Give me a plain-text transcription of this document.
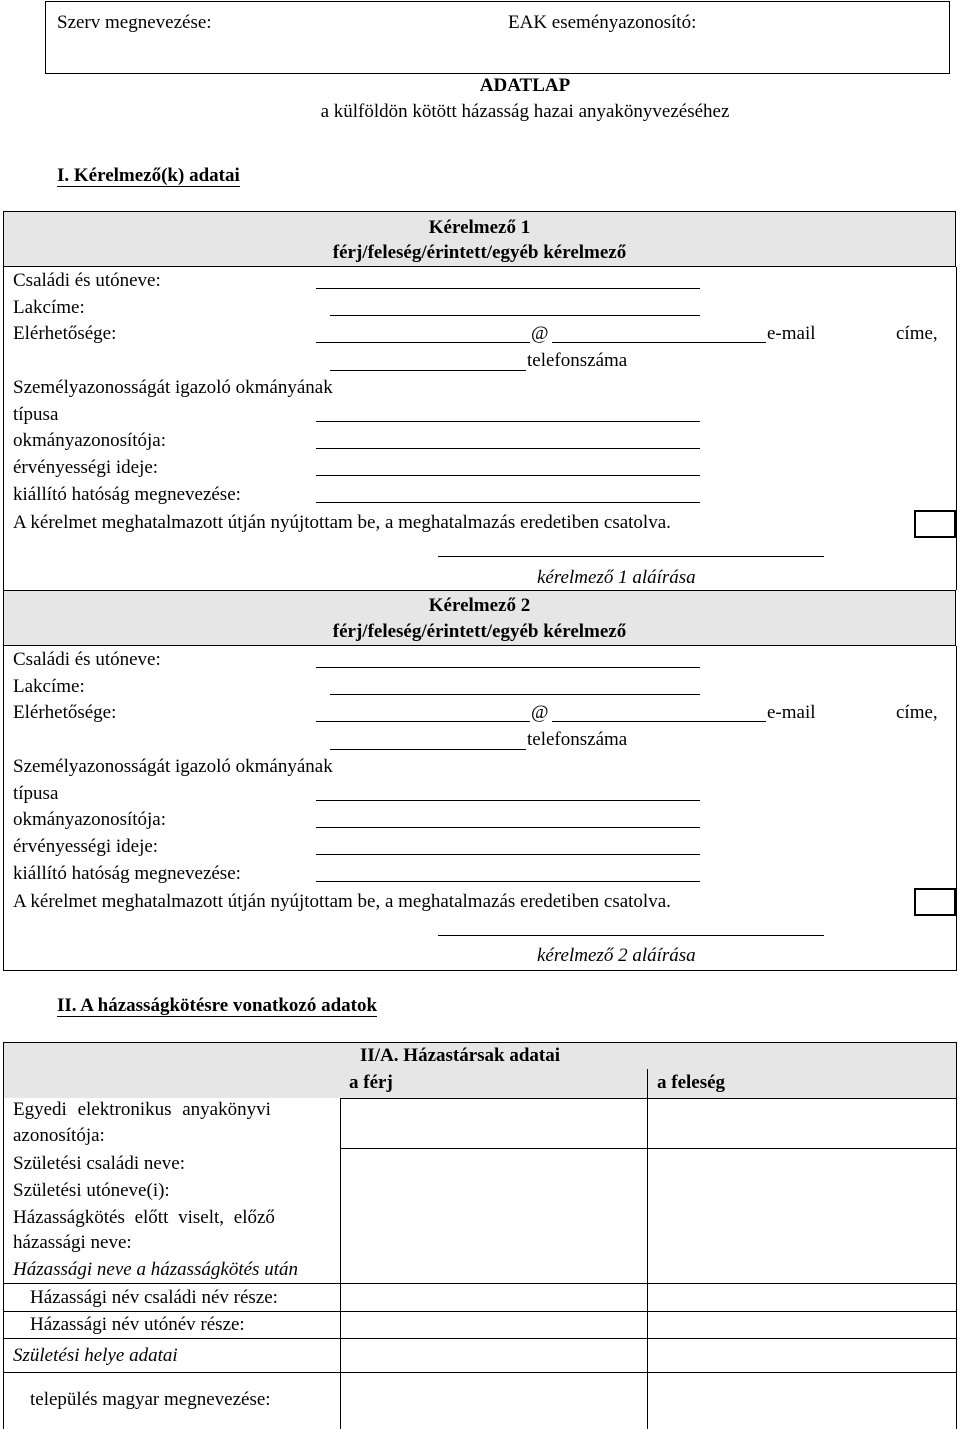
Szerv megnevezése:	EAK eseményazonosító:
ADATLAP
a külföldön kötött házasság hazai anyakönyvezéséhez
I. Kérelmező(k) adatai
Kérelmező 1
férj/feleség/érintett/egyéb kérelmező
Családi és utóneve:
Lakcíme:
Elérhetősége:	@	e-mail	címe,
telefonszáma
Személyazonosságát igazoló okmányának
típusa
okmányazonosítója:
érvényességi ideje:
kiállító hatóság megnevezése:
A kérelmet meghatalmazott útján nyújtottam be, a meghatalmazás eredetiben csatolva.
kérelmező 1 aláírása
Kérelmező 2
férj/feleség/érintett/egyéb kérelmező
Családi és utóneve:
Lakcíme:
Elérhetősége:	@	e-mail	címe,
telefonszáma
Személyazonosságát igazoló okmányának
típusa
okmányazonosítója:
érvényességi ideje:
kiállító hatóság megnevezése:
A kérelmet meghatalmazott útján nyújtottam be, a meghatalmazás eredetiben csatolva.
kérelmező 2 aláírása
II. A házasságkötésre vonatkozó adatok
II/A. Házastársak adatai
a férj	a feleség
Egyedi elektronikus anyakönyvi
azonosítója:
Születési családi neve:
Születési utóneve(i):
Házasságkötés előtt viselt, előző
házassági neve:
Házassági neve a házasságkötés után
Házassági név családi név része:
Házassági név utónév része:
Születési helye adatai
település magyar megnevezése:
